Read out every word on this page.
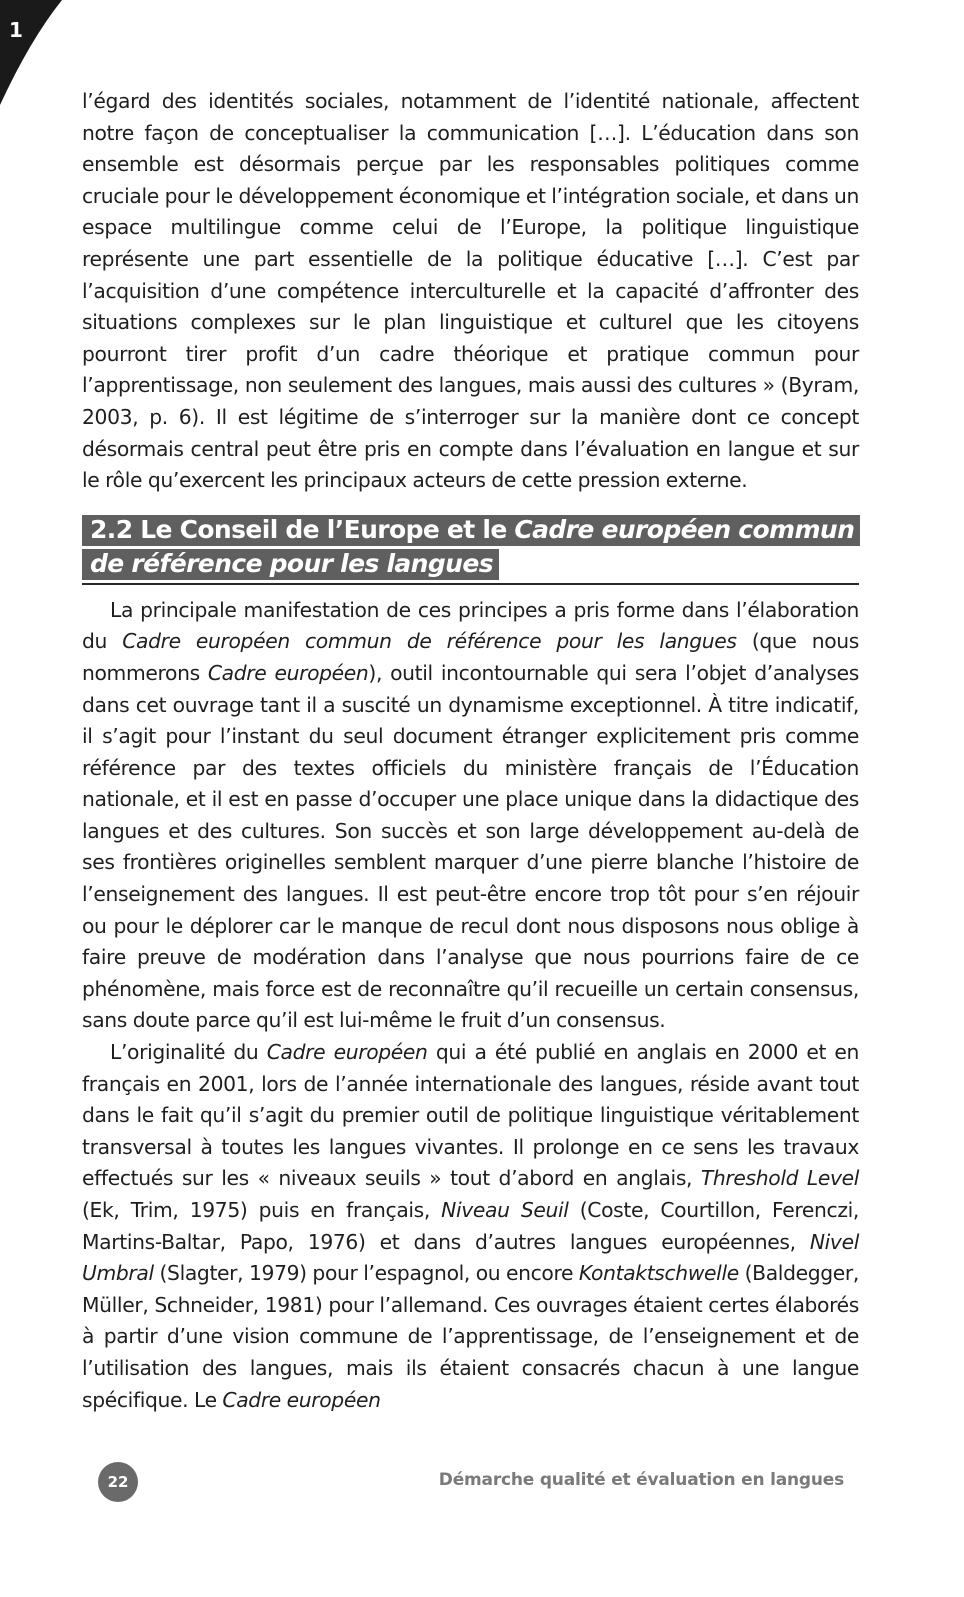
1

l’égard des identités sociales, notamment de l’identité nationale, affectent notre façon de conceptualiser la communication […]. L’éducation dans son ensemble est désormais perçue par les responsables politiques comme cruciale pour le développement économique et l’intégration sociale, et dans un espace multilingue comme celui de l’Europe, la politique linguistique représente une part essentielle de la politique éducative […]. C’est par l’acquisition d’une compétence interculturelle et la capacité d’affronter des situations complexes sur le plan linguistique et culturel que les citoyens pourront tirer profit d’un cadre théorique et pratique commun pour l’apprentissage, non seulement des langues, mais aussi des cultures » (Byram, 2003, p. 6). Il est légitime de s’interroger sur la manière dont ce concept désormais central peut être pris en compte dans l’évaluation en langue et sur le rôle qu’exercent les principaux acteurs de cette pression externe.

2.2 Le Conseil de l’Europe et le Cadre européen commun de référence pour les langues

La principale manifestation de ces principes a pris forme dans l’élaboration du Cadre européen commun de référence pour les langues (que nous nommerons Cadre européen), outil incontournable qui sera l’objet d’analyses dans cet ouvrage tant il a suscité un dynamisme exceptionnel. À titre indicatif, il s’agit pour l’instant du seul document étranger explicitement pris comme référence par des textes officiels du ministère français de l’Éducation nationale, et il est en passe d’occuper une place unique dans la didactique des langues et des cultures. Son succès et son large développement au-delà de ses frontières originelles semblent marquer d’une pierre blanche l’histoire de l’enseignement des langues. Il est peut-être encore trop tôt pour s’en réjouir ou pour le déplorer car le manque de recul dont nous disposons nous oblige à faire preuve de modération dans l’analyse que nous pourrions faire de ce phénomène, mais force est de reconnaître qu’il recueille un certain consensus, sans doute parce qu’il est lui-même le fruit d’un consensus.

L’originalité du Cadre européen qui a été publié en anglais en 2000 et en français en 2001, lors de l’année internationale des langues, réside avant tout dans le fait qu’il s’agit du premier outil de politique linguistique véritablement transversal à toutes les langues vivantes. Il prolonge en ce sens les travaux effectués sur les « niveaux seuils » tout d’abord en anglais, Threshold Level (Ek, Trim, 1975) puis en français, Niveau Seuil (Coste, Courtillon, Ferenczi, Martins-Baltar, Papo, 1976) et dans d’autres langues européennes, Nivel Umbral (Slagter, 1979) pour l’espagnol, ou encore Kontaktschwelle (Baldegger, Müller, Schneider, 1981) pour l’allemand. Ces ouvrages étaient certes élaborés à partir d’une vision commune de l’apprentissage, de l’enseignement et de l’utilisation des langues, mais ils étaient consacrés chacun à une langue spécifique. Le Cadre européen

22	Démarche qualité et évaluation en langues
